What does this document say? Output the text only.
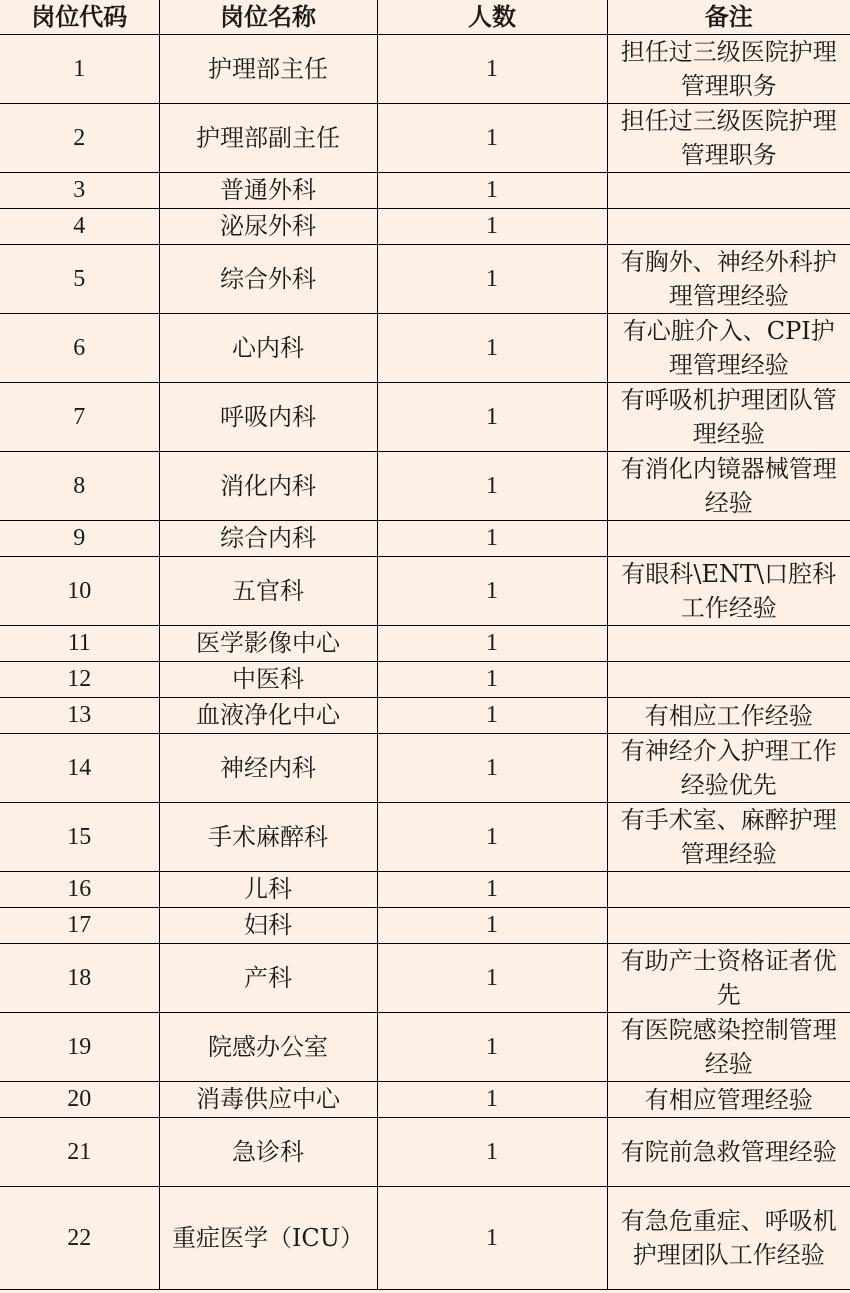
岗位代码	岗位名称	人数	备注
1	护理部主任	1	担任过三级医院护理管理职务
2	护理部副主任	1	担任过三级医院护理管理职务
3	普通外科	1	
4	泌尿外科	1	
5	综合外科	1	有胸外、神经外科护理管理经验
6	心内科	1	有心脏介入、CPI护理管理经验
7	呼吸内科	1	有呼吸机护理团队管理经验
8	消化内科	1	有消化内镜器械管理经验
9	综合内科	1	
10	五官科	1	有眼科\ENT\口腔科工作经验
11	医学影像中心	1	
12	中医科	1	
13	血液净化中心	1	有相应工作经验
14	神经内科	1	有神经介入护理工作经验优先
15	手术麻醉科	1	有手术室、麻醉护理管理经验
16	儿科	1	
17	妇科	1	
18	产科	1	有助产士资格证者优先
19	院感办公室	1	有医院感染控制管理经验
20	消毒供应中心	1	有相应管理经验
21	急诊科	1	有院前急救管理经验
22	重症医学（ICU）	1	有急危重症、呼吸机护理团队工作经验
